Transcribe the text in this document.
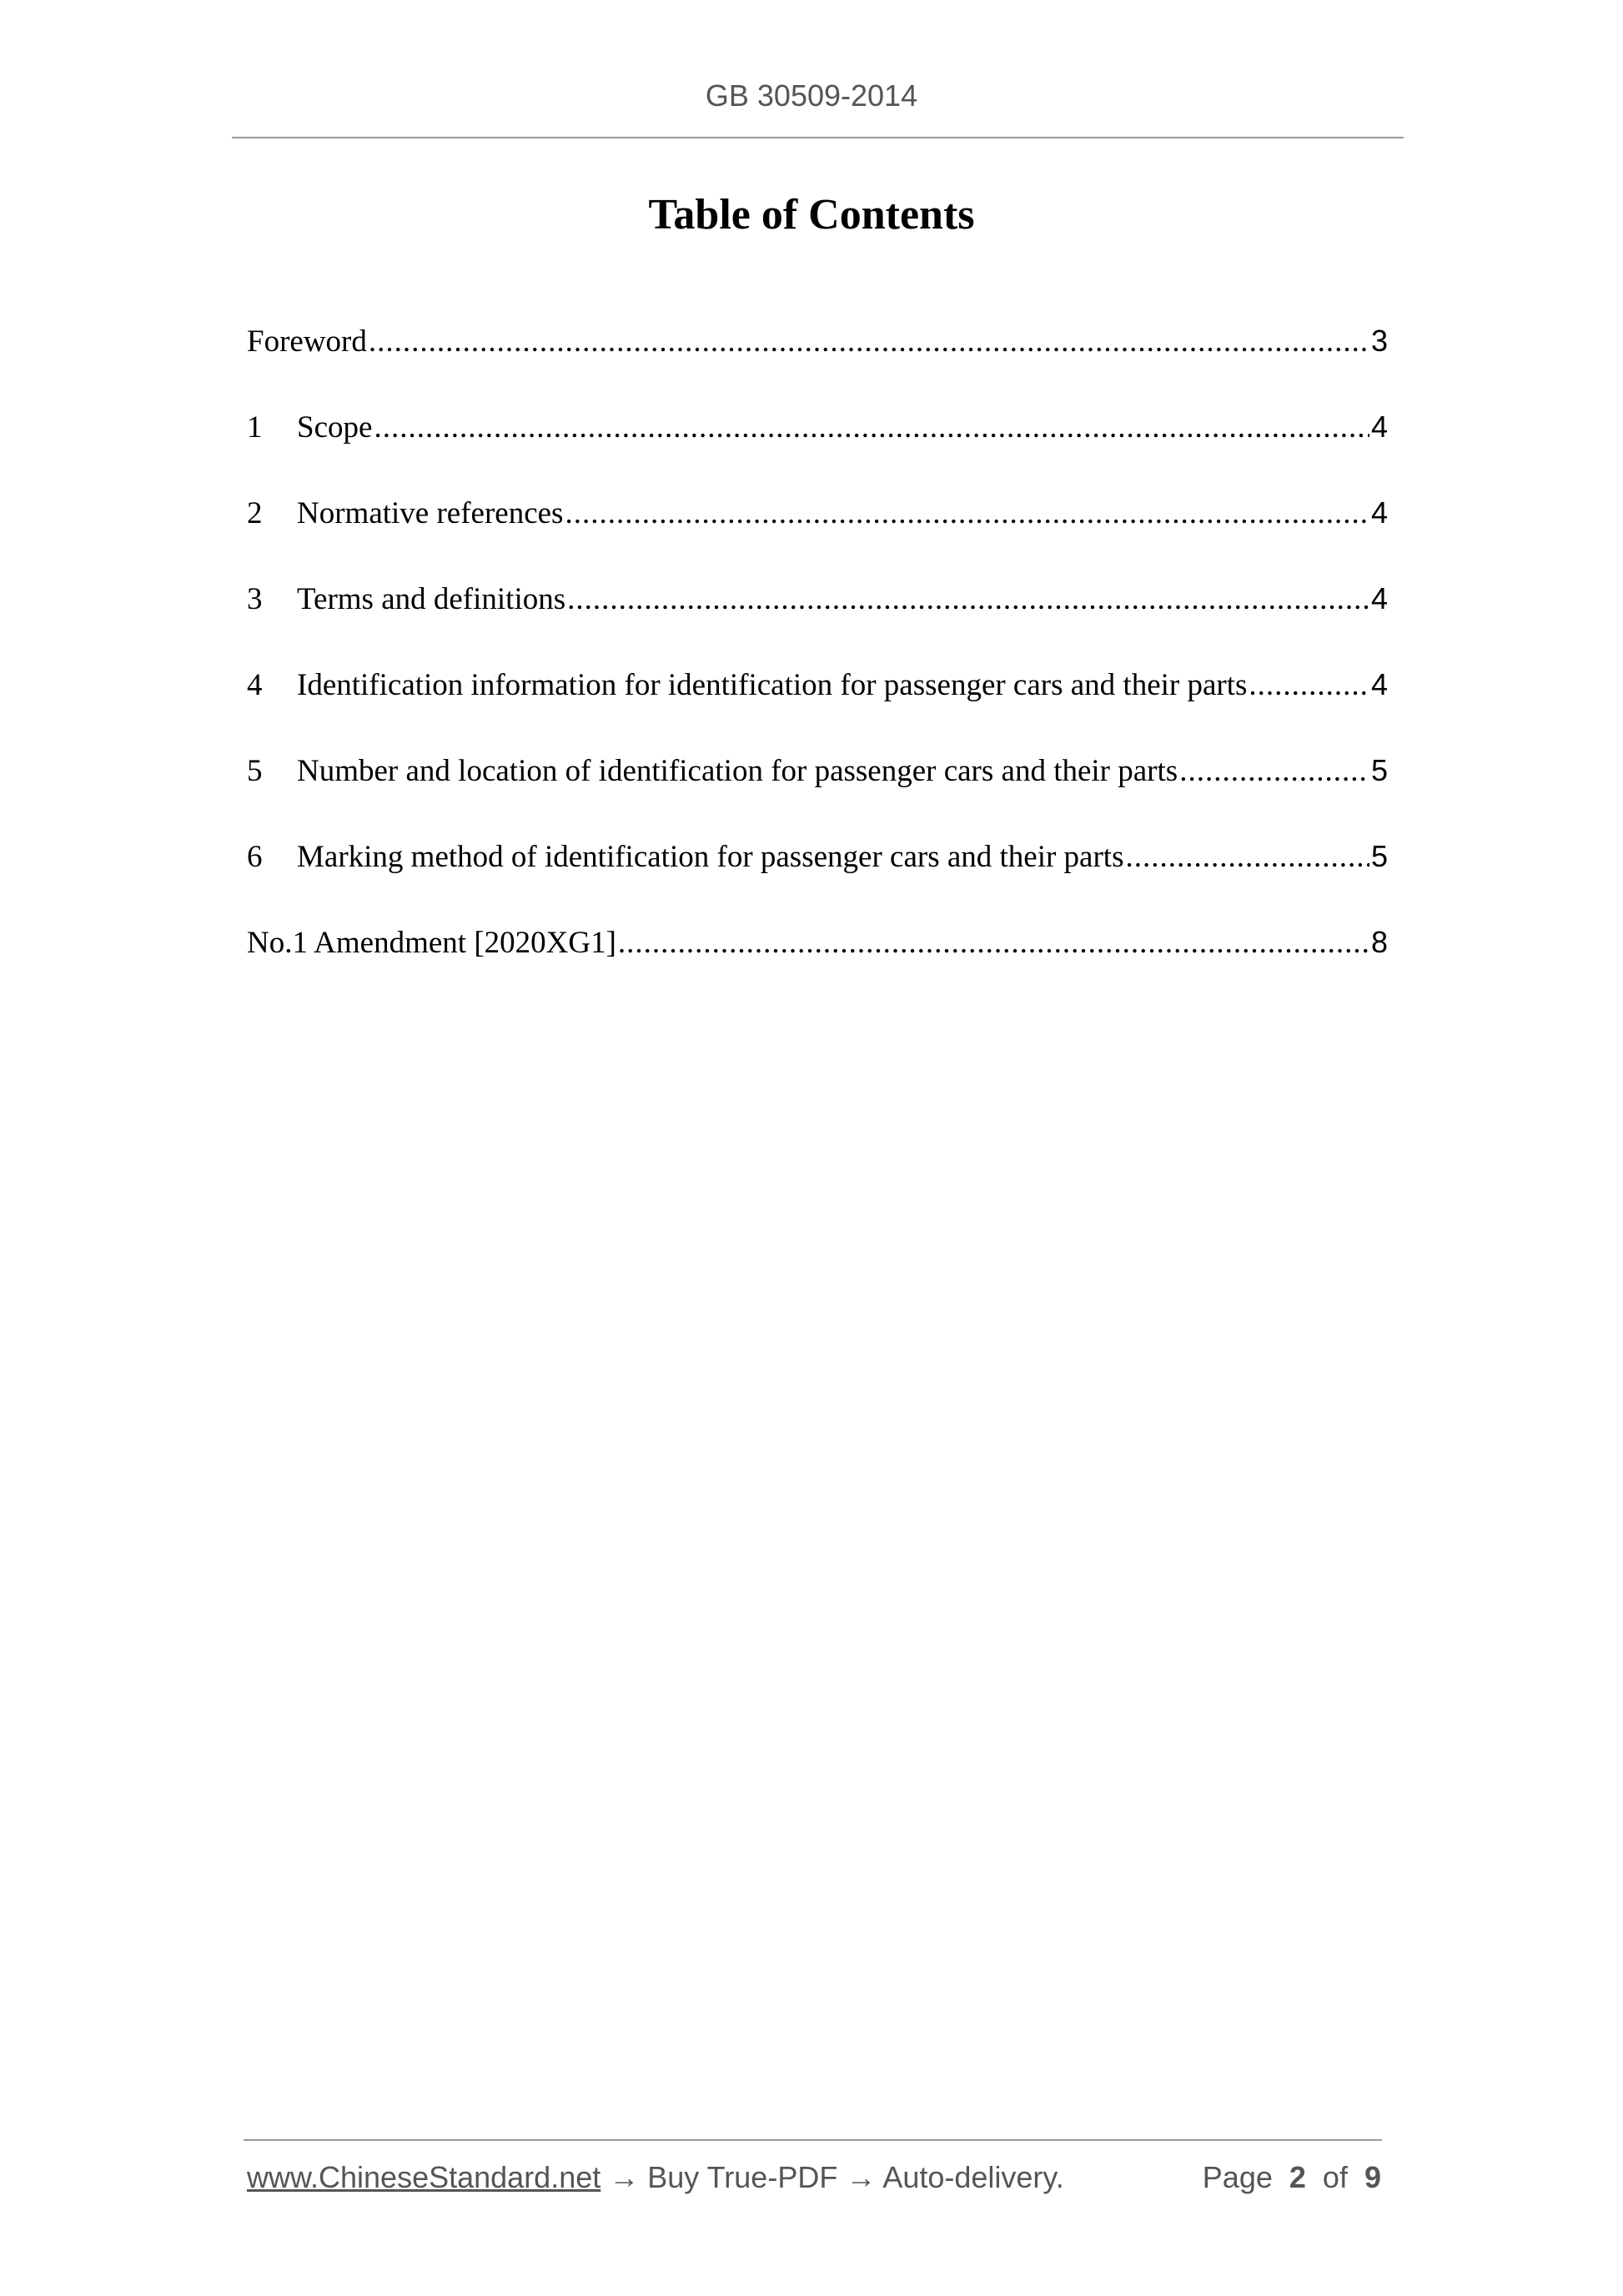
GB 30509-2014
Table of Contents
Foreword .....	3
1	Scope .....	4
2	Normative references .....	4
3	Terms and definitions .....	4
4	Identification information for identification for passenger cars and their parts .....	4
5	Number and location of identification for passenger cars and their parts .....	5
6	Marking method of identification for passenger cars and their parts .....	5
No.1 Amendment [2020XG1] .....	8
www.ChineseStandard.net → Buy True-PDF → Auto-delivery.	Page 2 of 9
